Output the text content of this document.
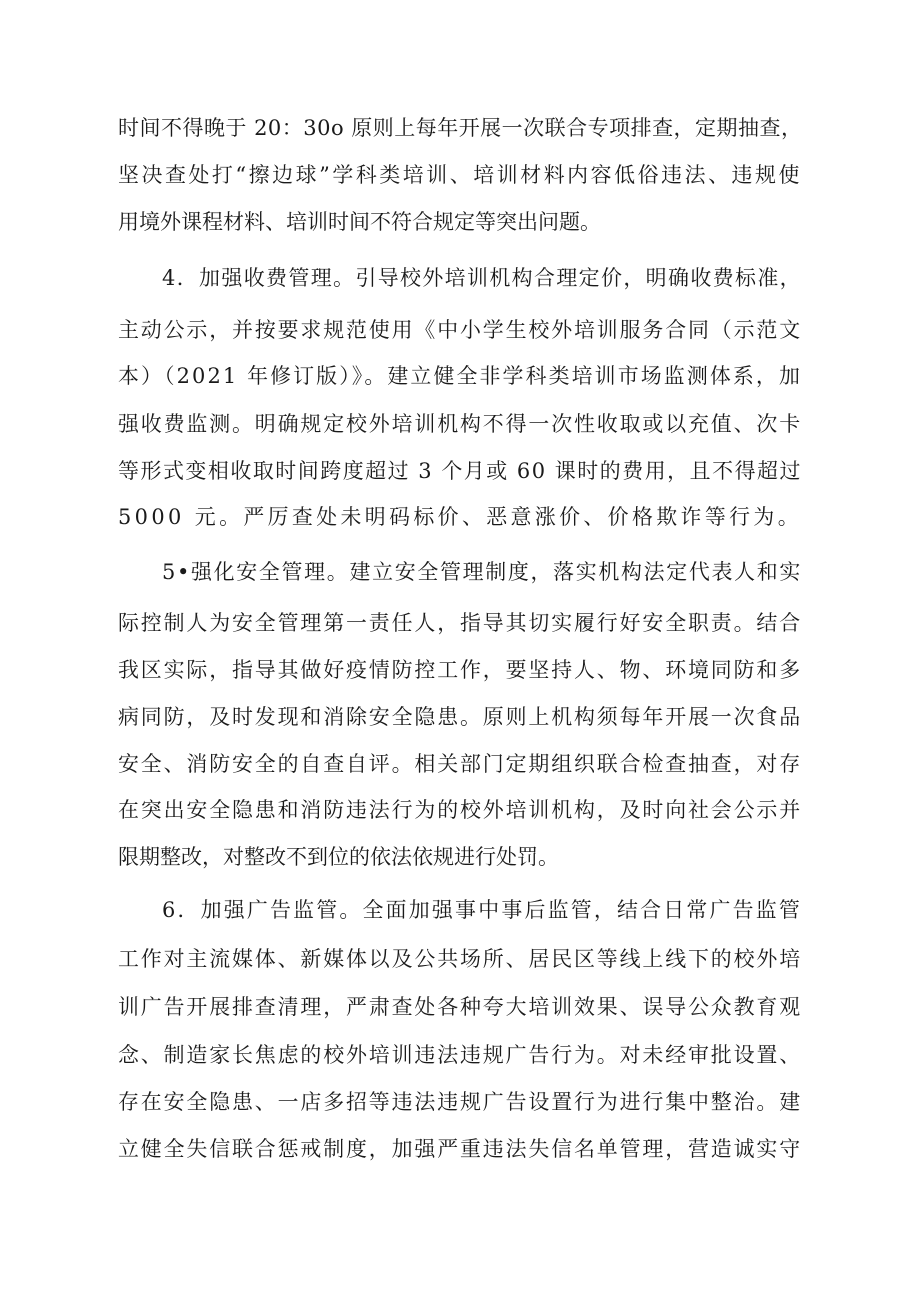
时间不得晚于 20：30o 原则上每年开展一次联合专项排查，定期抽查，
坚决查处打“擦边球”学科类培训、培训材料内容低俗违法、违规使
用境外课程材料、培训时间不符合规定等突出问题。
4．加强收费管理。引导校外培训机构合理定价，明确收费标准，
主动公示，并按要求规范使用《中小学生校外培训服务合同（示范文
本）（2021 年修订版）》。建立健全非学科类培训市场监测体系，加
强收费监测。明确规定校外培训机构不得一次性收取或以充值、次卡
等形式变相收取时间跨度超过 3 个月或 60 课时的费用，且不得超过
5000 元。严厉查处未明码标价、恶意涨价、价格欺诈等行为。
5•强化安全管理。建立安全管理制度，落实机构法定代表人和实
际控制人为安全管理第一责任人，指导其切实履行好安全职责。结合
我区实际，指导其做好疫情防控工作，要坚持人、物、环境同防和多
病同防，及时发现和消除安全隐患。原则上机构须每年开展一次食品
安全、消防安全的自查自评。相关部门定期组织联合检查抽查，对存
在突出安全隐患和消防违法行为的校外培训机构，及时向社会公示并
限期整改，对整改不到位的依法依规进行处罚。
6．加强广告监管。全面加强事中事后监管，结合日常广告监管
工作对主流媒体、新媒体以及公共场所、居民区等线上线下的校外培
训广告开展排查清理，严肃查处各种夸大培训效果、误导公众教育观
念、制造家长焦虑的校外培训违法违规广告行为。对未经审批设置、
存在安全隐患、一店多招等违法违规广告设置行为进行集中整治。建
立健全失信联合惩戒制度，加强严重违法失信名单管理，营造诚实守
